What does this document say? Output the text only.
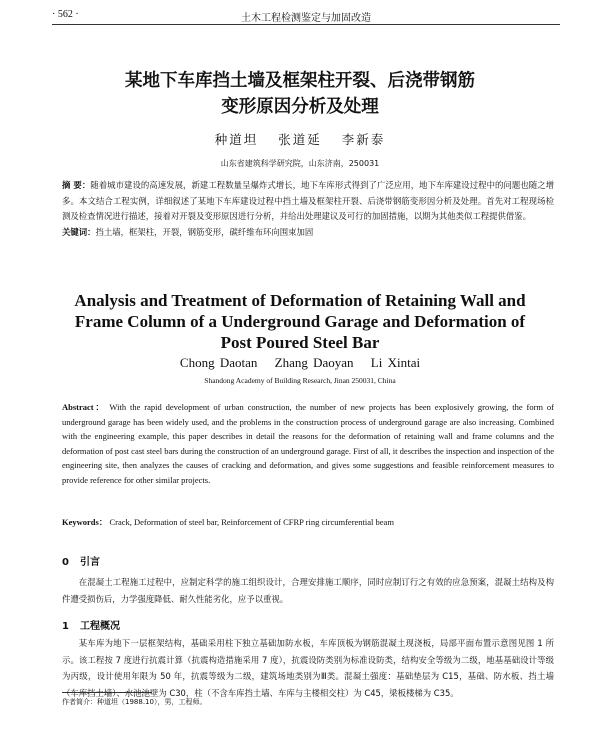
· 562 ·	土木工程检测鉴定与加固改造
某地下车库挡土墙及框架柱开裂、后浇带钢筋
变形原因分析及处理
种道坦 张道延 李新泰
山东省建筑科学研究院，山东济南，250031
摘 要：随着城市建设的高速发展，新建工程数量呈爆炸式增长，地下车库形式得到了广泛应用，地下车库建设过程中的问题也随之增多。本文结合工程实例，详细叙述了某地下车库建设过程中挡土墙及框架柱开裂、后浇带钢筋变形因分析及处理。首先对工程现场检测及检查情况进行描述，接着对开裂及变形原因进行分析，并给出处理建议及可行的加固措施，以期为其他类似工程提供借鉴。
关键词：挡土墙，框架柱，开裂，钢筋变形，碳纤维布环向围束加固
Analysis and Treatment of Deformation of Retaining Wall and
Frame Column of a Underground Garage and Deformation of
Post Poured Steel Bar
Chong Daotan Zhang Daoyan Li Xintai
Shandong Academy of Building Research, Jinan 250031, China
Abstract： With the rapid development of urban construction, the number of new projects has been explosively growing, the form of underground garage has been widely used, and the problems in the construction process of underground garage are also increasing. Combined with the engineering example, this paper describes in detail the reasons for the deformation of retaining wall and frame columns and the deformation of post cast steel bars during the construction of an underground garage. First of all, it describes the inspection and inspection of the engineering site, then analyzes the causes of cracking and deformation, and gives some suggestions and feasible reinforcement measures to provide reference for other similar projects.
Keywords： Crack, Deformation of steel bar, Reinforcement of CFRP ring circumferential beam
0 引言
在混凝土工程施工过程中，应制定科学的施工组织设计，合理安排施工顺序，同时应制订行之有效的应急预案，混凝土结构及构件遭受损伤后，力学强度降低、耐久性能劣化，应予以重视。
1 工程概况
某车库为地下一层框架结构，基础采用柱下独立基础加防水板，车库顶板为钢筋混凝土现浇板，局部平面布置示意图见图 1 所示。该工程按 7 度进行抗震计算（抗震构造措施采用 7 度），抗震设防类别为标准设防类，结构安全等级为二级，地基基础设计等级为丙级，设计使用年限为 50 年，抗震等级为二级，建筑场地类别为Ⅲ类。混凝土强度：基础垫层为 C15，基础、防水板、挡土墙（车库挡土墙）、水池池壁为 C30，柱（不含车库挡土墙、车库与主楼相交柱）为 C45，梁板楼梯为 C35。
作者简介：种道坦（1988.10），男，工程师。
